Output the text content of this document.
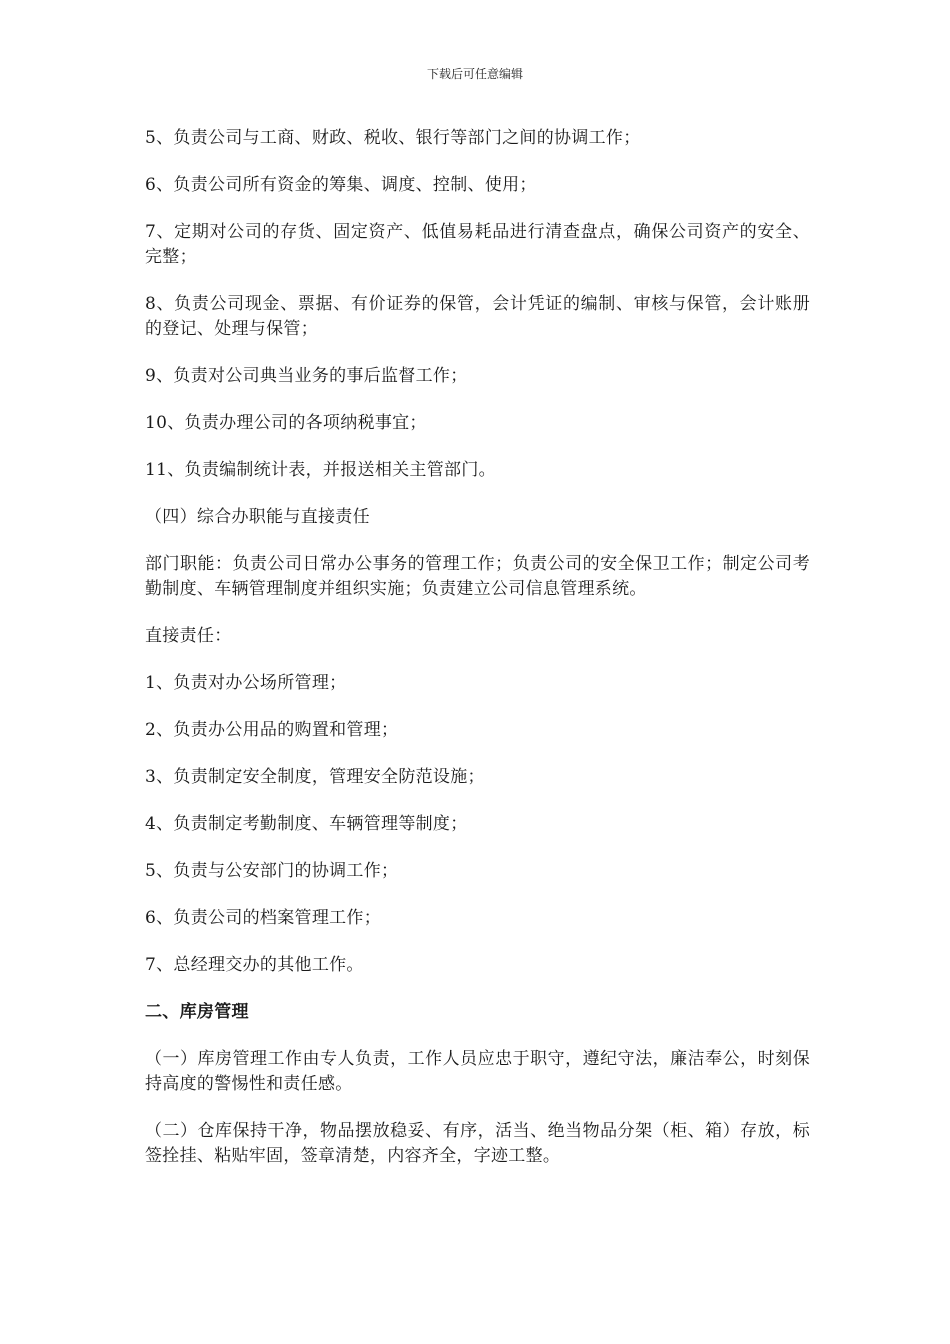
下载后可任意编辑

5、负责公司与工商、财政、税收、银行等部门之间的协调工作；

6、负责公司所有资金的筹集、调度、控制、使用；

7、定期对公司的存货、固定资产、低值易耗品进行清查盘点，确保公司资产的安全、完整；

8、负责公司现金、票据、有价证券的保管，会计凭证的编制、审核与保管，会计账册的登记、处理与保管；

9、负责对公司典当业务的事后监督工作；

10、负责办理公司的各项纳税事宜；

11、负责编制统计表，并报送相关主管部门。

（四）综合办职能与直接责任

部门职能：负责公司日常办公事务的管理工作；负责公司的安全保卫工作；制定公司考勤制度、车辆管理制度并组织实施；负责建立公司信息管理系统。

直接责任：

1、负责对办公场所管理；

2、负责办公用品的购置和管理；

3、负责制定安全制度，管理安全防范设施；

4、负责制定考勤制度、车辆管理等制度；

5、负责与公安部门的协调工作；

6、负责公司的档案管理工作；

7、总经理交办的其他工作。

二、库房管理

（一）库房管理工作由专人负责，工作人员应忠于职守，遵纪守法，廉洁奉公，时刻保持高度的警惕性和责任感。

（二）仓库保持干净，物品摆放稳妥、有序，活当、绝当物品分架（柜、箱）存放，标签拴挂、粘贴牢固，签章清楚，内容齐全，字迹工整。
